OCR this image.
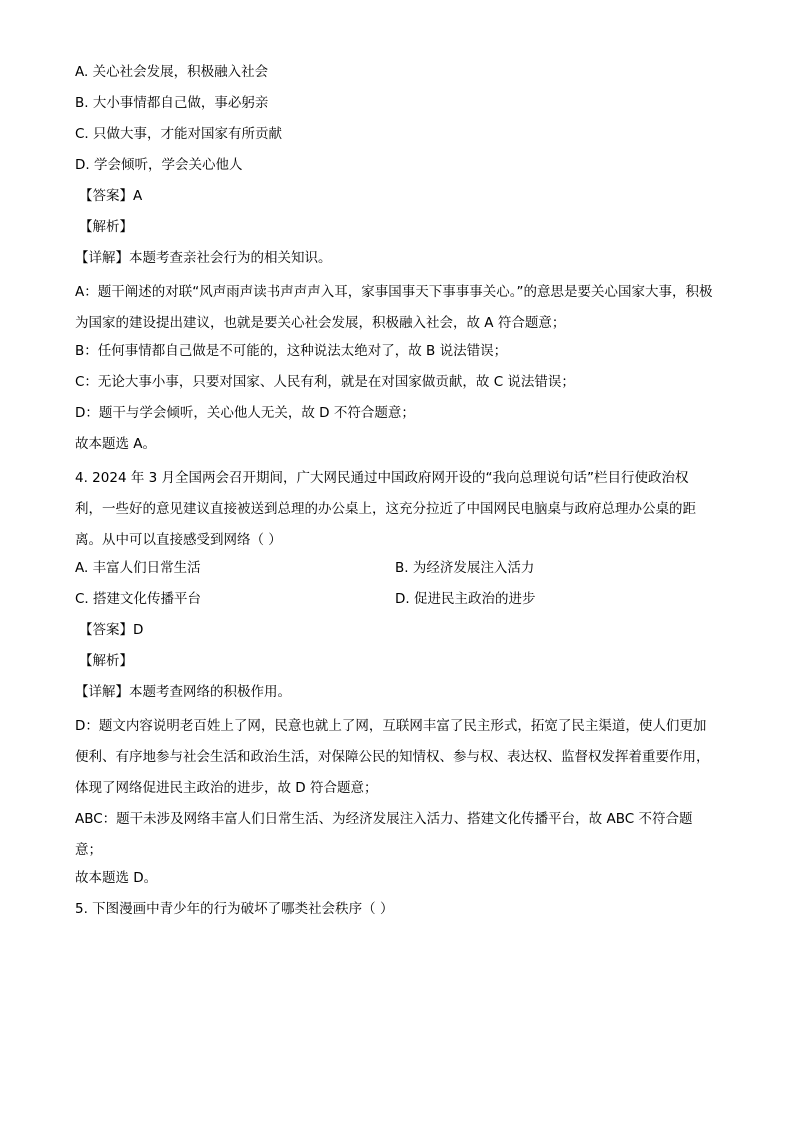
A. 关心社会发展，积极融入社会
B. 大小事情都自己做，事必躬亲
C. 只做大事，才能对国家有所贡献
D. 学会倾听，学会关心他人
【答案】A
【解析】
【详解】本题考查亲社会行为的相关知识。
A：题干阐述的对联“风声雨声读书声声声入耳，家事国事天下事事事关心。”的意思是要关心国家大事，积极为国家的建设提出建议，也就是要关心社会发展，积极融入社会，故 A 符合题意；
B：任何事情都自己做是不可能的，这种说法太绝对了，故 B 说法错误；
C：无论大事小事，只要对国家、人民有利，就是在对国家做贡献，故 C 说法错误；
D：题干与学会倾听，关心他人无关，故 D 不符合题意；
故本题选 A。
4. 2024 年 3 月全国两会召开期间，广大网民通过中国政府网开设的“我向总理说句话”栏目行使政治权利，一些好的意见建议直接被送到总理的办公桌上，这充分拉近了中国网民电脑桌与政府总理办公桌的距离。从中可以直接感受到网络（ ）
A. 丰富人们日常生活	B. 为经济发展注入活力
C. 搭建文化传播平台	D. 促进民主政治的进步
【答案】D
【解析】
【详解】本题考查网络的积极作用。
D：题文内容说明老百姓上了网，民意也就上了网，互联网丰富了民主形式，拓宽了民主渠道，使人们更加便利、有序地参与社会生活和政治生活，对保障公民的知情权、参与权、表达权、监督权发挥着重要作用，体现了网络促进民主政治的进步，故 D 符合题意；
ABC：题干未涉及网络丰富人们日常生活、为经济发展注入活力、搭建文化传播平台，故 ABC 不符合题意；
故本题选 D。
5. 下图漫画中青少年的行为破坏了哪类社会秩序（ ）
